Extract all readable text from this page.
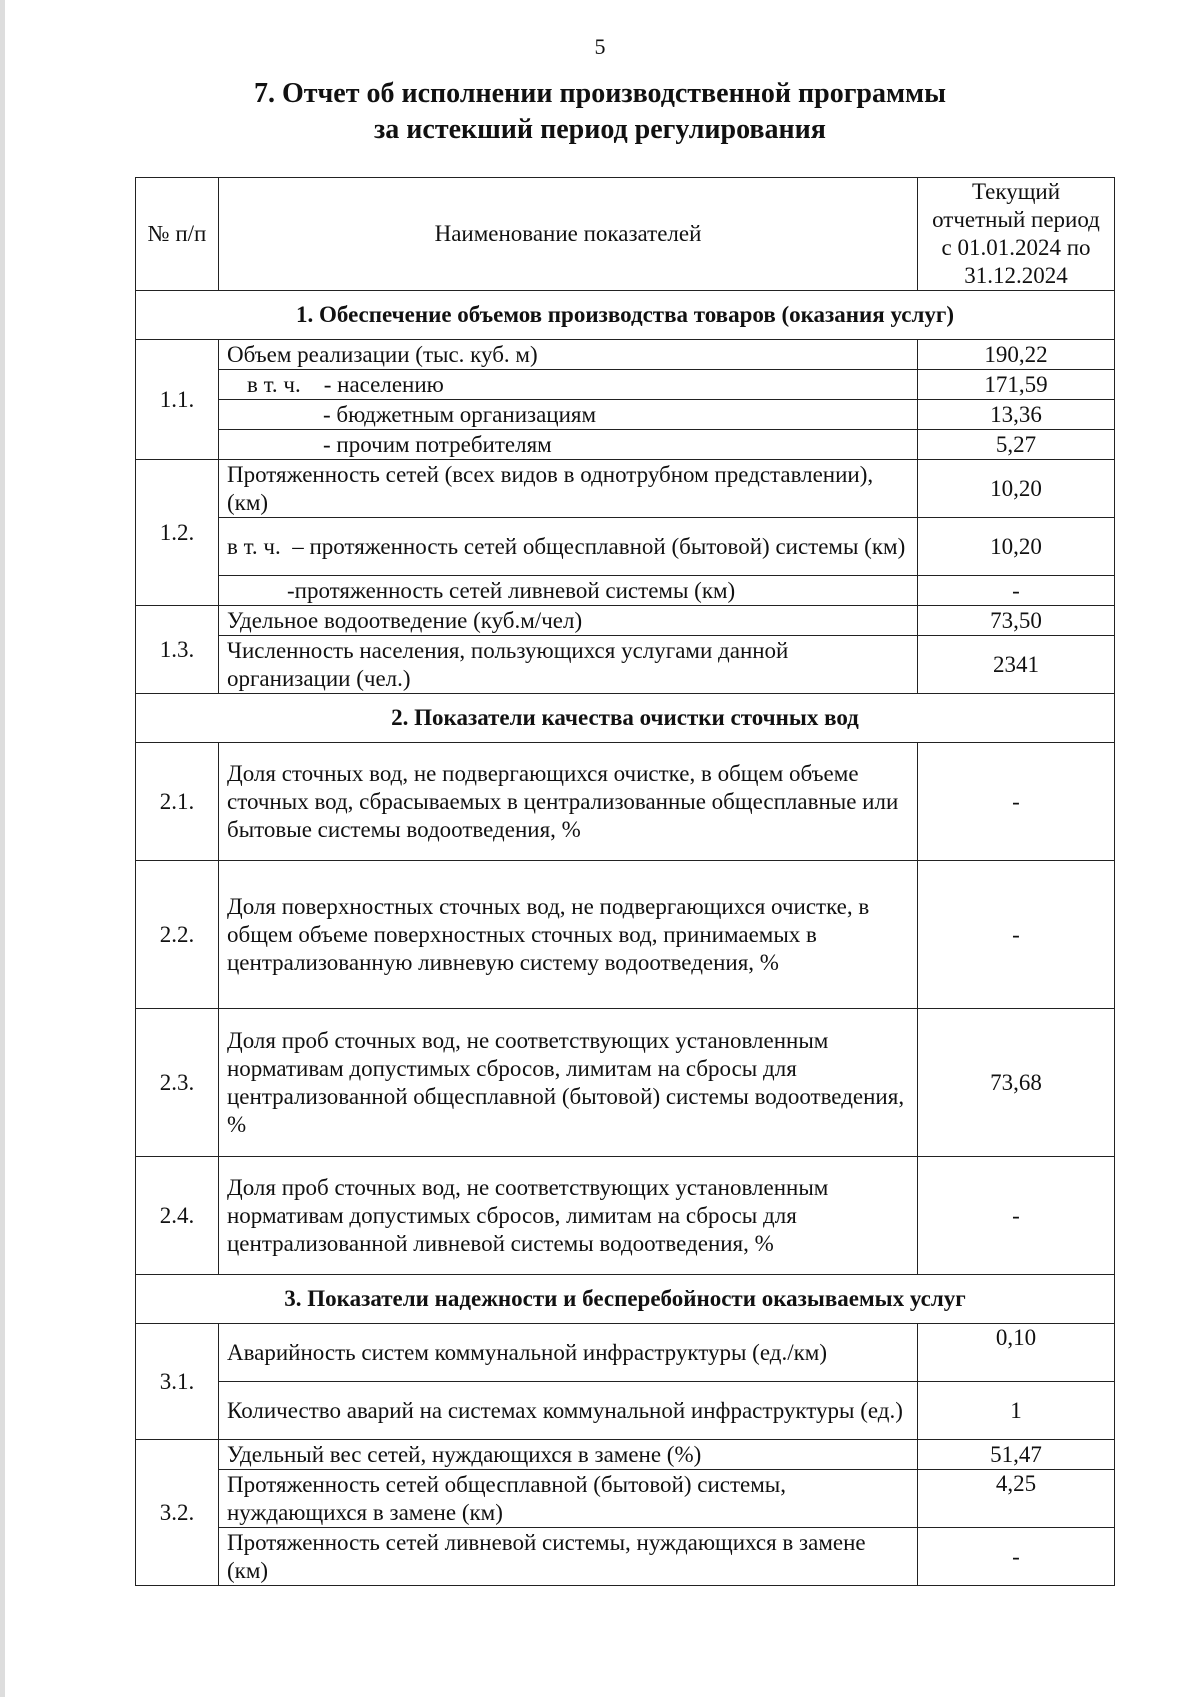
5
7. Отчет об исполнении производственной программы
за истекший период регулирования
№ п/п	Наименование показателей	Текущий отчетный период с 01.01.2024 по 31.12.2024
1. Обеспечение объемов производства товаров (оказания услуг)		
1.1.	Объем реализации (тыс. куб. м)	190,22
	в т. ч.    - населению	171,59
	- бюджетным организациям	13,36
	- прочим потребителям	5,27
1.2.	Протяженность сетей (всех видов в однотрубном представлении), (км)	10,20
	в т. ч.  – протяженность сетей общесплавной (бытовой) системы (км)	10,20
	-протяженность сетей ливневой системы (км)	-
1.3.	Удельное водоотведение (куб.м/чел)	73,50
	Численность населения, пользующихся услугами данной организации (чел.)	2341
2. Показатели качества очистки сточных вод		
2.1.	Доля сточных вод, не подвергающихся очистке, в общем объеме сточных вод, сбрасываемых в централизованные общесплавные или бытовые системы водоотведения, %	-
2.2.	Доля поверхностных сточных вод, не подвергающихся очистке, в общем объеме поверхностных сточных вод, принимаемых в централизованную ливневую систему водоотведения, %	-
2.3.	Доля проб сточных вод, не соответствующих установленным нормативам допустимых сбросов, лимитам на сбросы для централизованной общесплавной (бытовой) системы водоотведения, %	73,68
2.4.	Доля проб сточных вод, не соответствующих установленным нормативам допустимых сбросов, лимитам на сбросы для централизованной ливневой системы водоотведения, %	-
3. Показатели надежности и бесперебойности оказываемых услуг		
3.1.	Аварийность систем коммунальной инфраструктуры (ед./км)	0,10
	Количество аварий на системах коммунальной инфраструктуры (ед.)	1
3.2.	Удельный вес сетей, нуждающихся в замене (%)	51,47
	Протяженность сетей общесплавной (бытовой) системы, нуждающихся в замене (км)	4,25
	Протяженность сетей ливневой системы, нуждающихся в замене (км)	-
